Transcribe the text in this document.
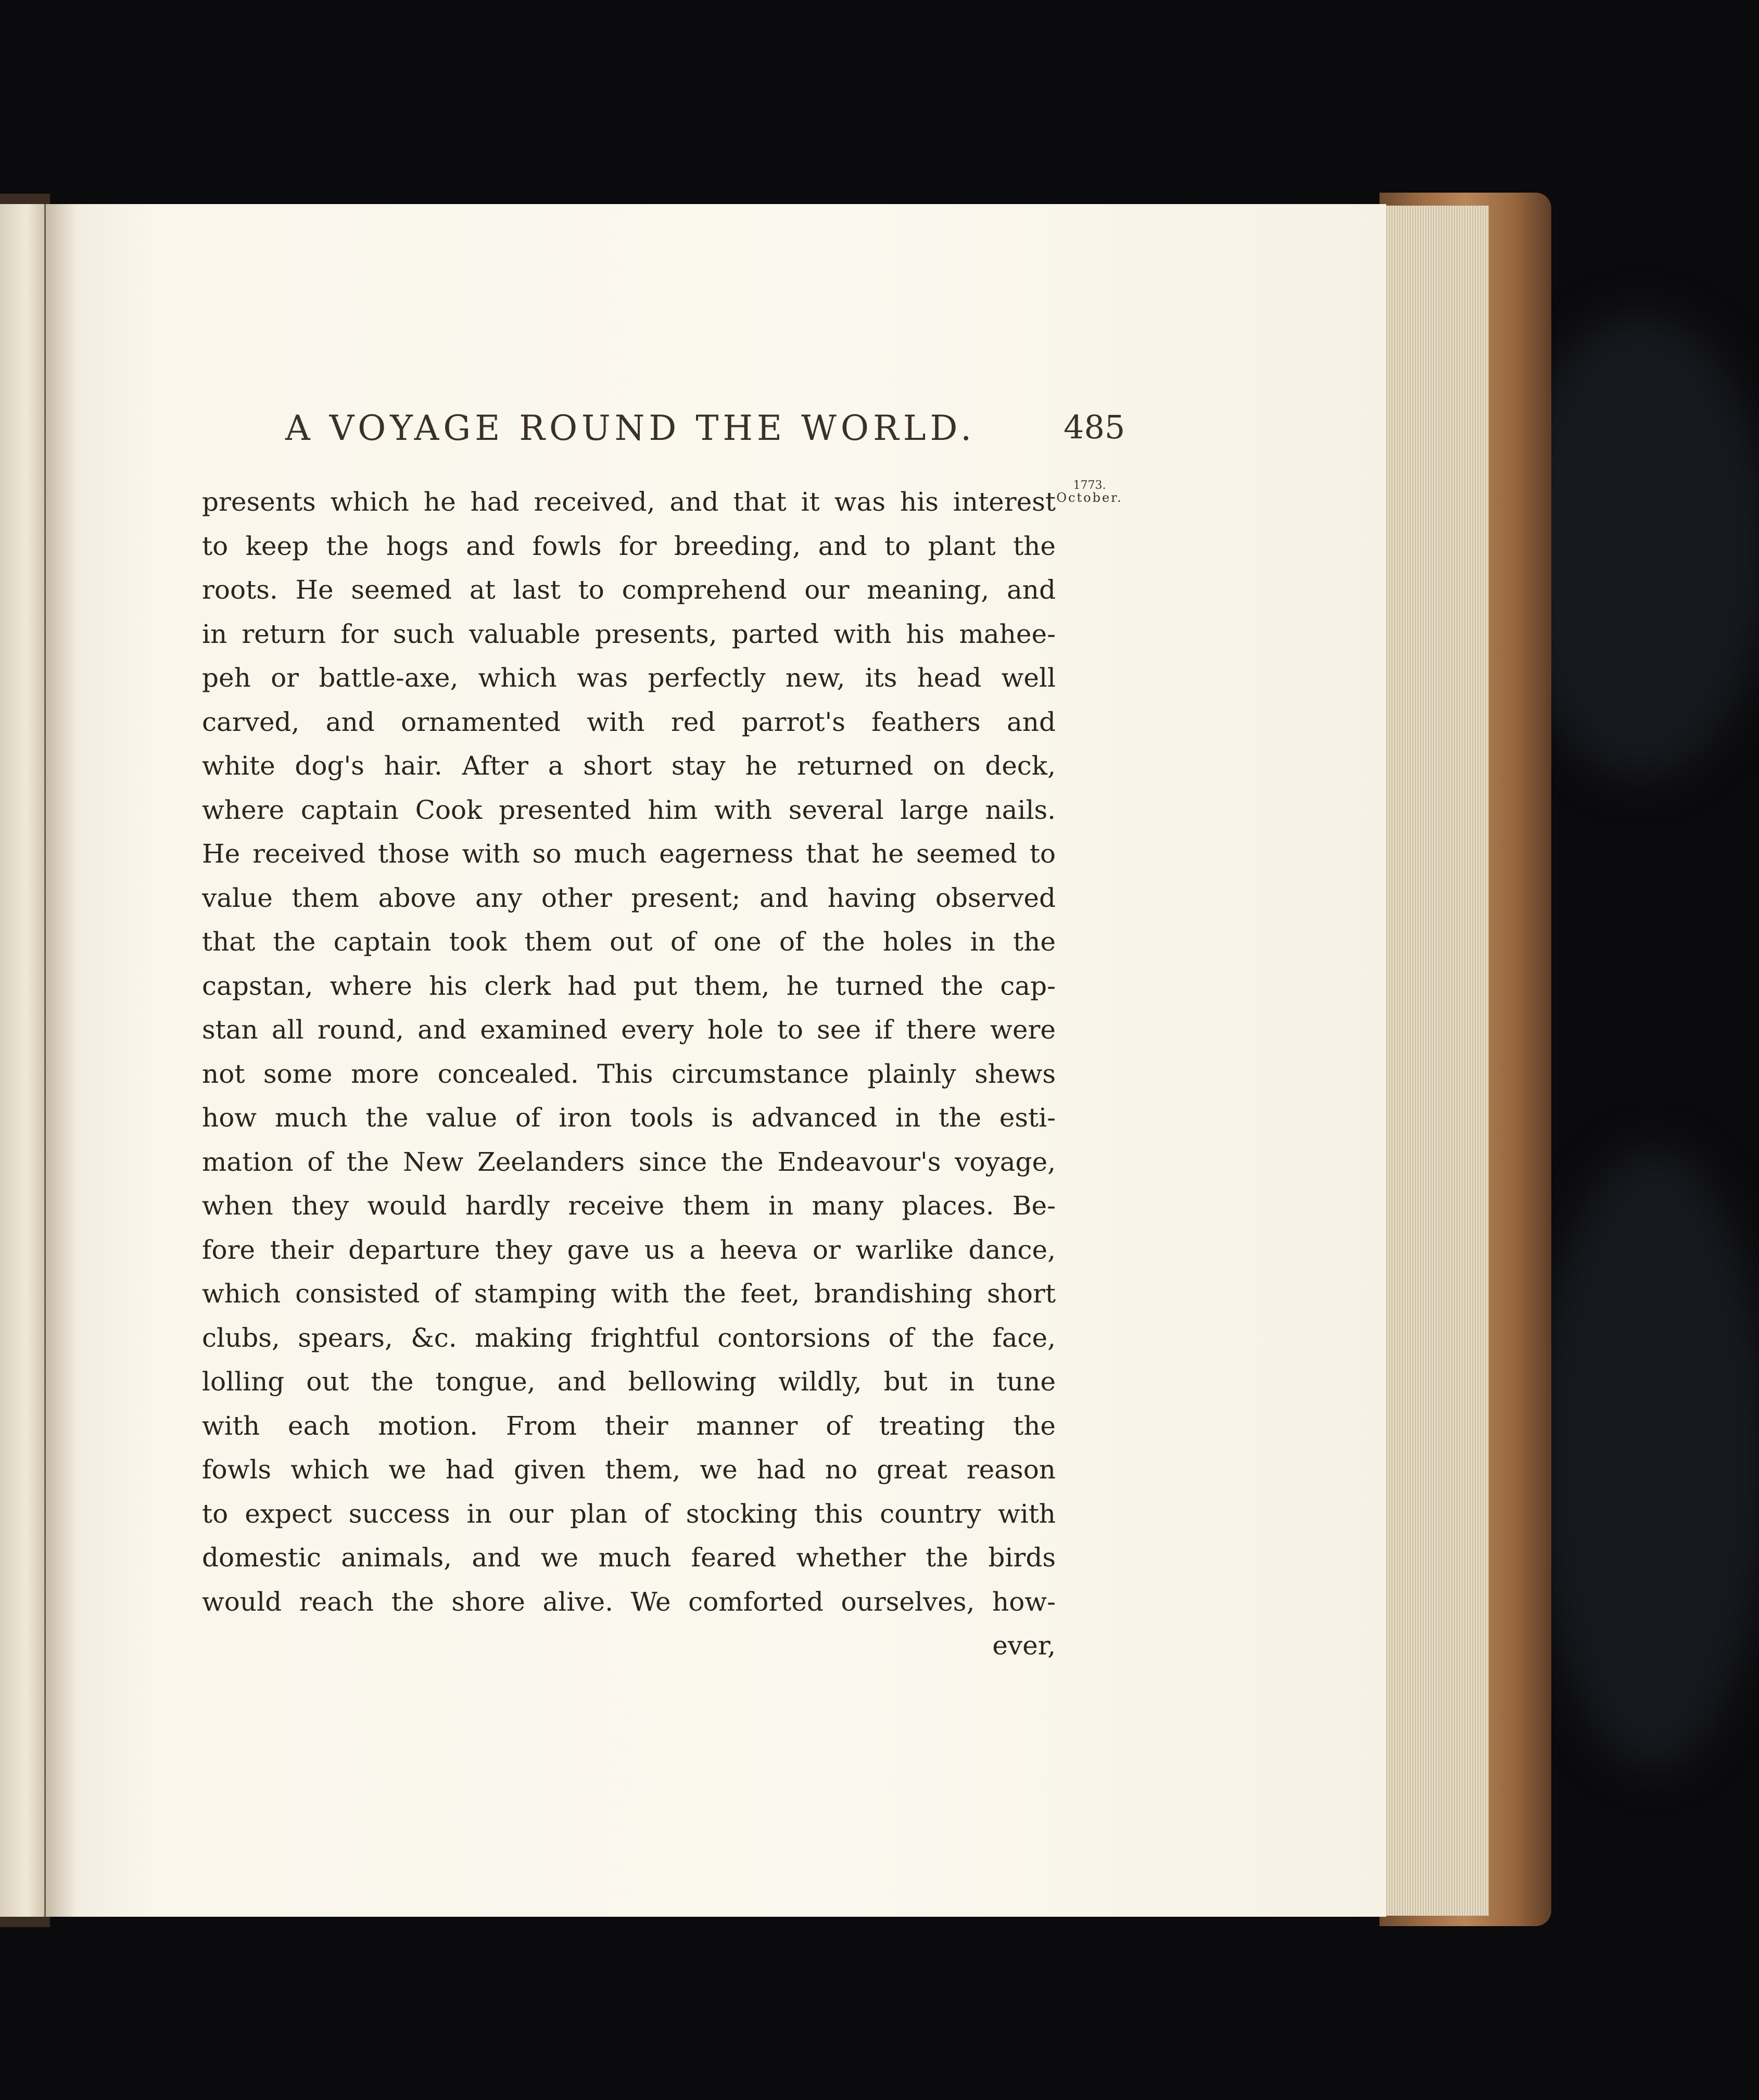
A VOYAGE ROUND THE WORLD.	485
1773.
October.
presents which he had received, and that it was his interest
to keep the hogs and fowls for breeding, and to plant the
roots. He seemed at last to comprehend our meaning, and
in return for such valuable presents, parted with his mahee-
peh or battle-axe, which was perfectly new, its head well
carved, and ornamented with red parrot's feathers and
white dog's hair. After a short stay he returned on deck,
where captain Cook presented him with several large nails.
He received those with so much eagerness that he seemed to
value them above any other present; and having observed
that the captain took them out of one of the holes in the
capstan, where his clerk had put them, he turned the cap-
stan all round, and examined every hole to see if there were
not some more concealed. This circumstance plainly shews
how much the value of iron tools is advanced in the esti-
mation of the New Zeelanders since the Endeavour's voyage,
when they would hardly receive them in many places. Be-
fore their departure they gave us a heeva or warlike dance,
which consisted of stamping with the feet, brandishing short
clubs, spears, &c. making frightful contorsions of the face,
lolling out the tongue, and bellowing wildly, but in tune
with each motion. From their manner of treating the
fowls which we had given them, we had no great reason
to expect success in our plan of stocking this country with
domestic animals, and we much feared whether the birds
would reach the shore alive. We comforted ourselves, how-
ever,
